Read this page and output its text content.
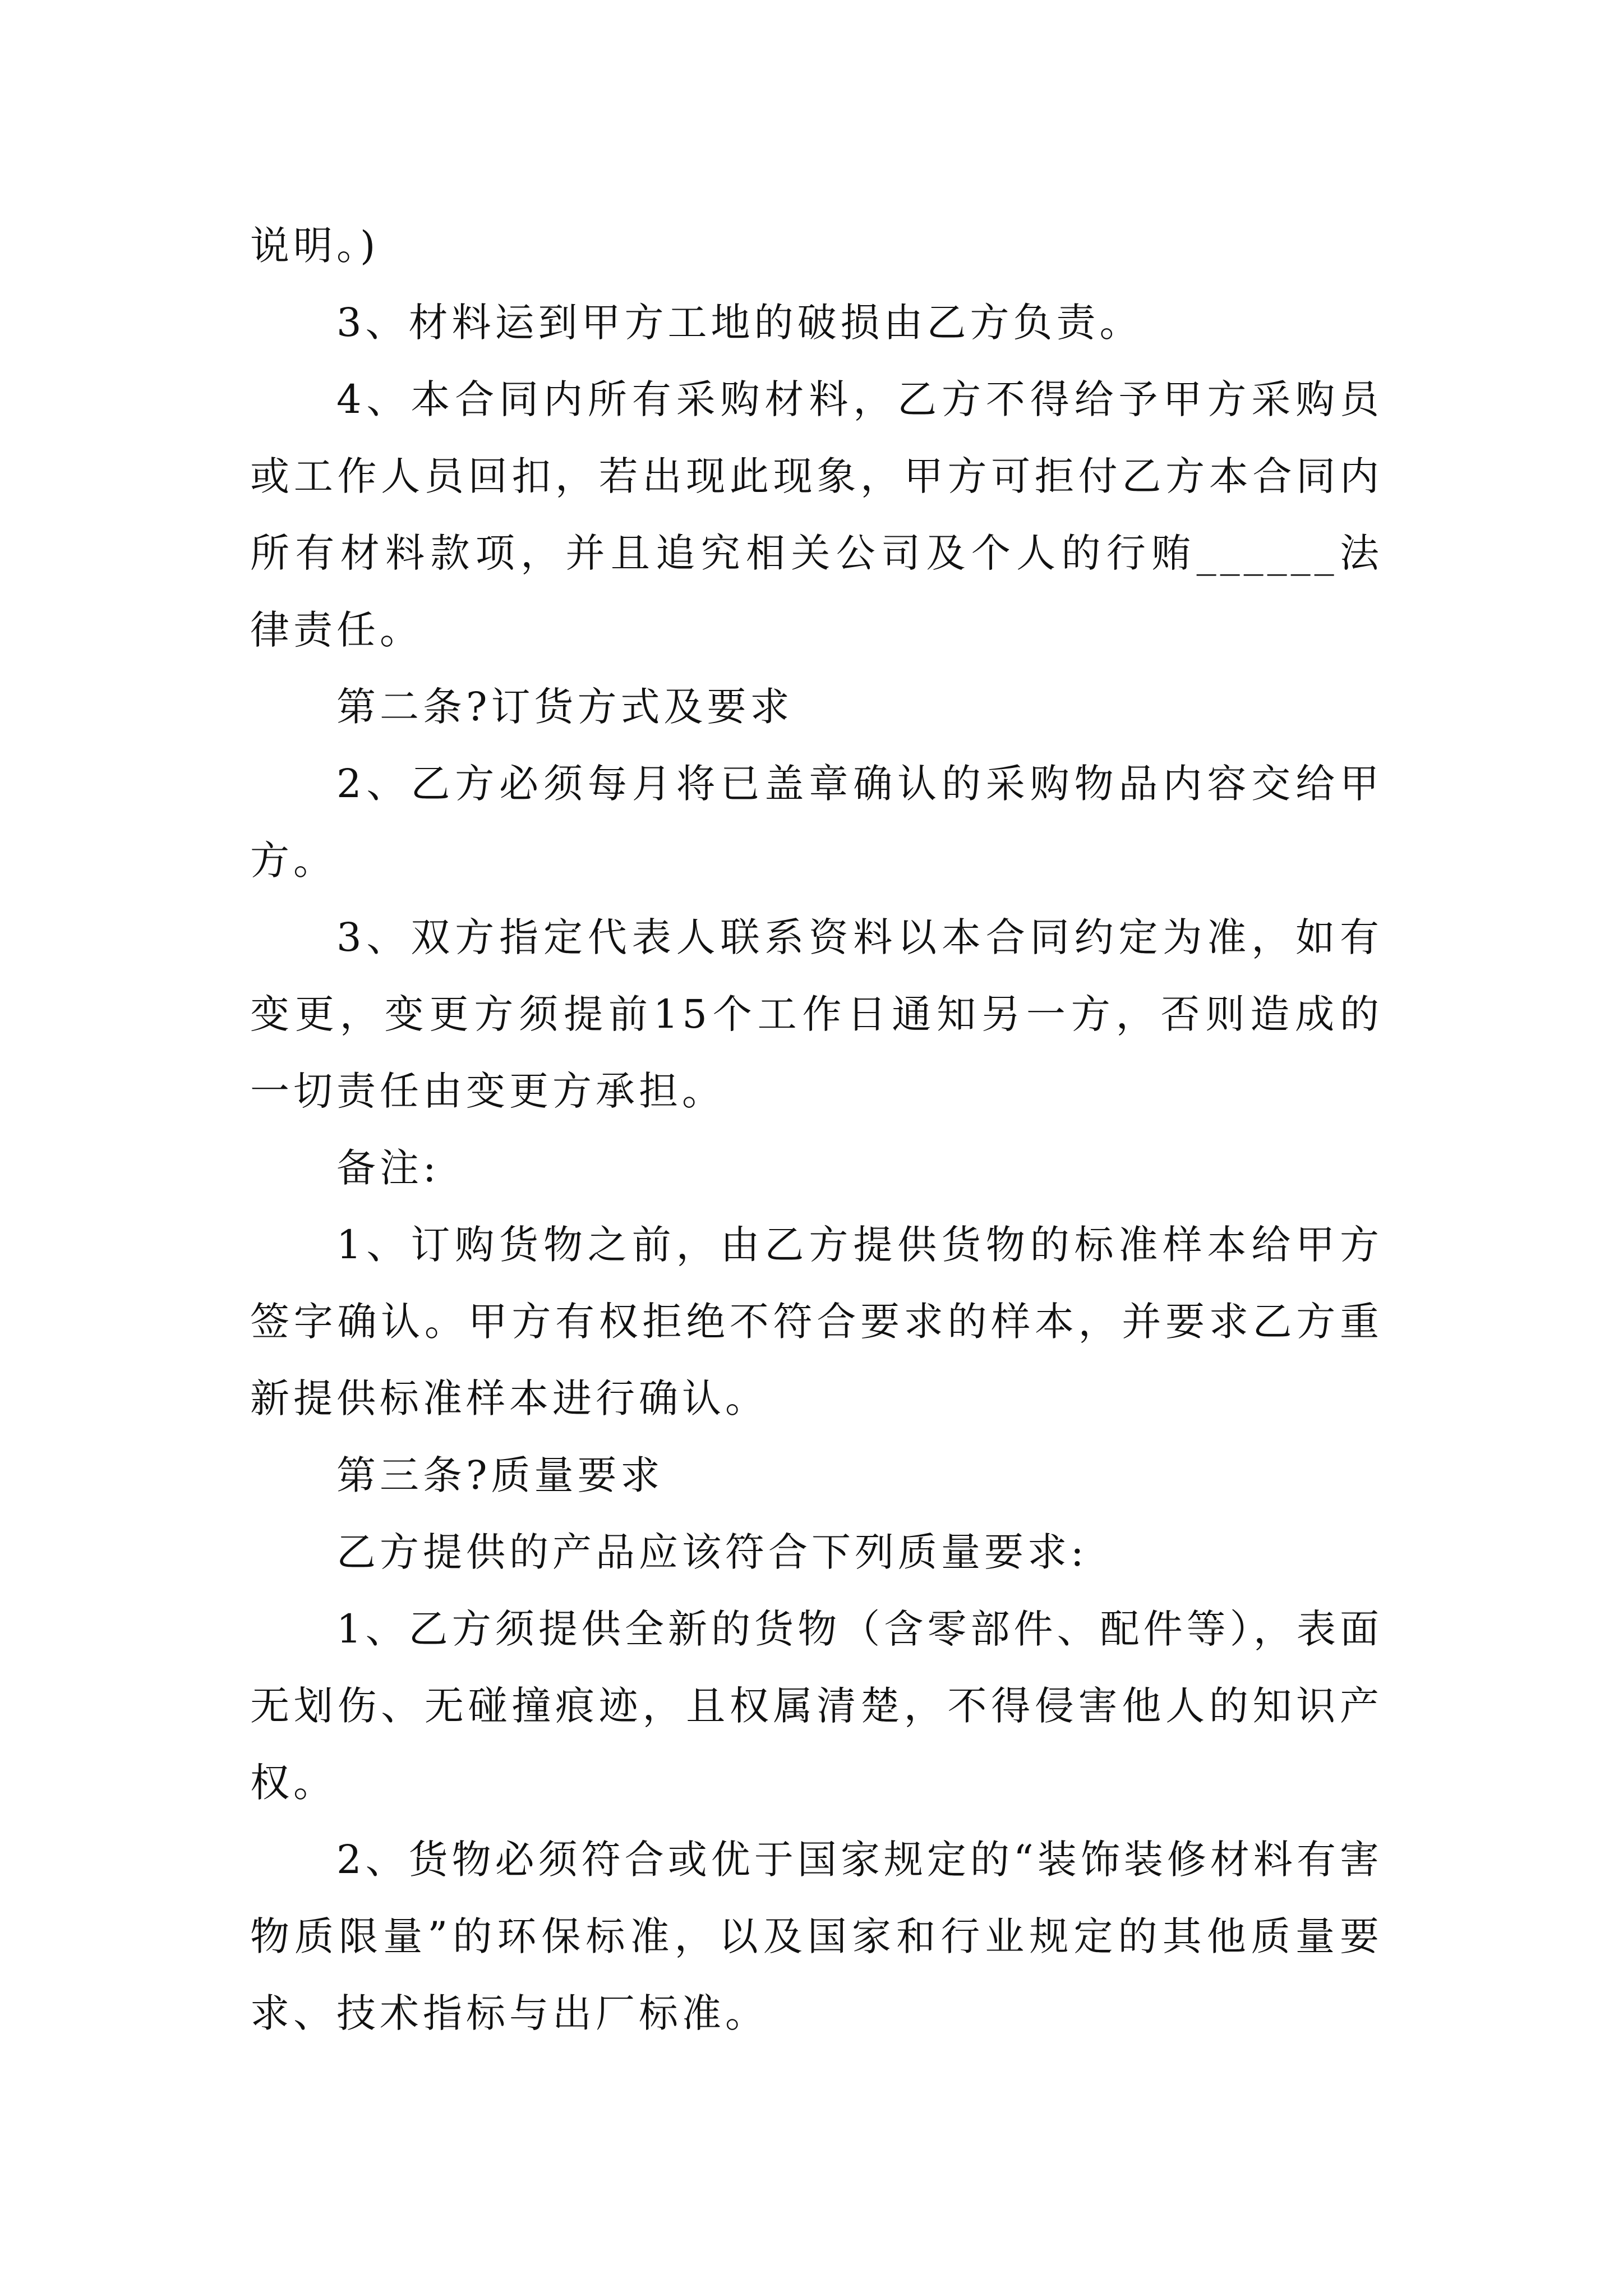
说明。)

3、材料运到甲方工地的破损由乙方负责。

4、本合同内所有采购材料，乙方不得给予甲方采购员或工作人员回扣，若出现此现象，甲方可拒付乙方本合同内所有材料款项，并且追究相关公司及个人的行贿______法律责任。

第二条?订货方式及要求

2、乙方必须每月将已盖章确认的采购物品内容交给甲方。

3、双方指定代表人联系资料以本合同约定为准，如有变更，变更方须提前15个工作日通知另一方，否则造成的一切责任由变更方承担。

备注:

1、订购货物之前，由乙方提供货物的标准样本给甲方签字确认。甲方有权拒绝不符合要求的样本，并要求乙方重新提供标准样本进行确认。

第三条?质量要求

乙方提供的产品应该符合下列质量要求:

1、乙方须提供全新的货物（含零部件、配件等），表面无划伤、无碰撞痕迹，且权属清楚，不得侵害他人的知识产权。

2、货物必须符合或优于国家规定的“装饰装修材料有害物质限量”的环保标准，以及国家和行业规定的其他质量要求、技术指标与出厂标准。
